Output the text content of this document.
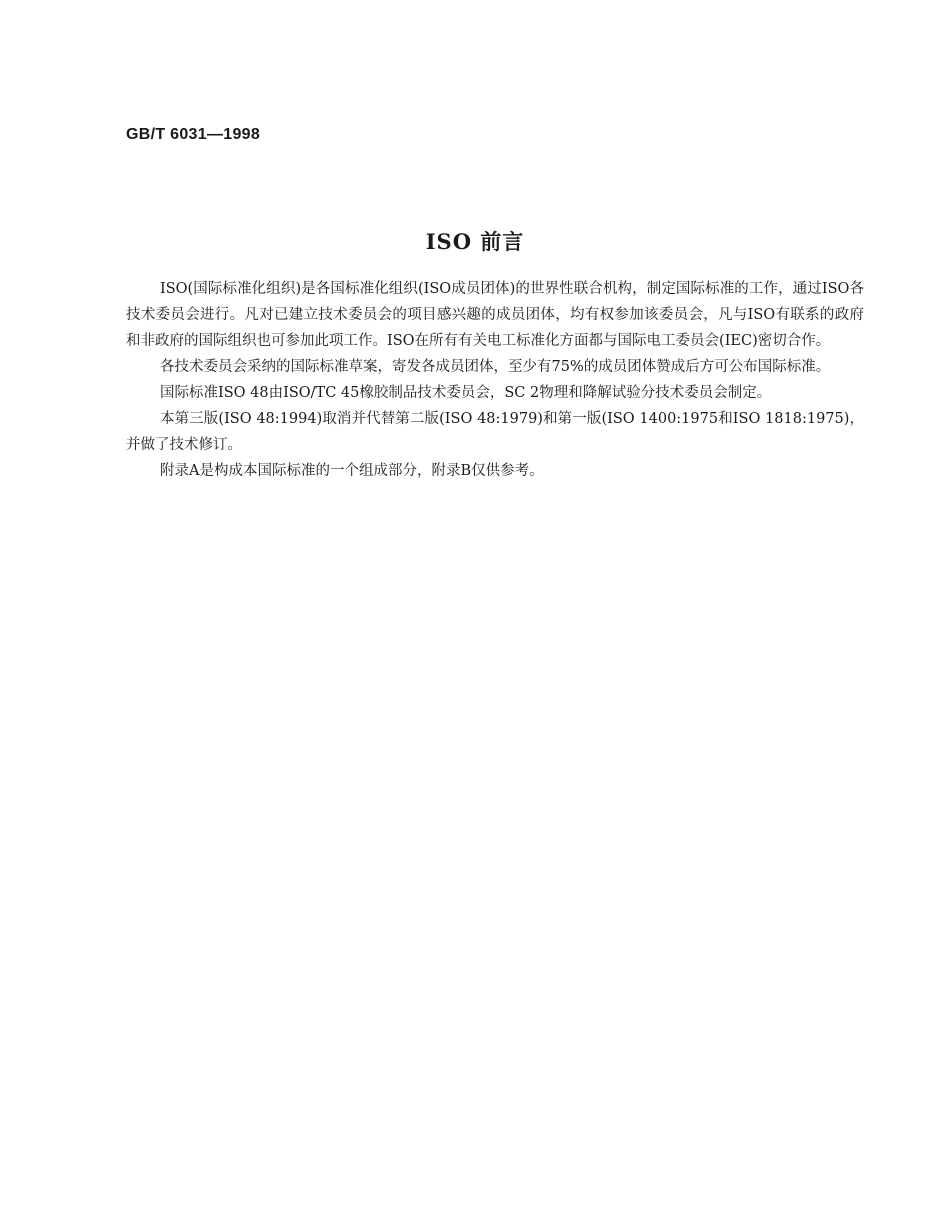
GB/T 6031—1998
ISO 前言

ISO(国际标准化组织)是各国标准化组织(ISO成员团体)的世界性联合机构，制定国际标准的工作，通过ISO各技术委员会进行。凡对已建立技术委员会的项目感兴趣的成员团体，均有权参加该委员会，凡与ISO有联系的政府和非政府的国际组织也可参加此项工作。ISO在所有有关电工标准化方面都与国际电工委员会(IEC)密切合作。

各技术委员会采纳的国际标准草案，寄发各成员团体，至少有75%的成员团体赞成后方可公布国际标准。

国际标准ISO 48由ISO/TC 45橡胶制品技术委员会，SC 2物理和降解试验分技术委员会制定。

本第三版(ISO 48:1994)取消并代替第二版(ISO 48:1979)和第一版(ISO 1400:1975和ISO 1818:1975)，并做了技术修订。

附录A是构成本国际标准的一个组成部分，附录B仅供参考。
